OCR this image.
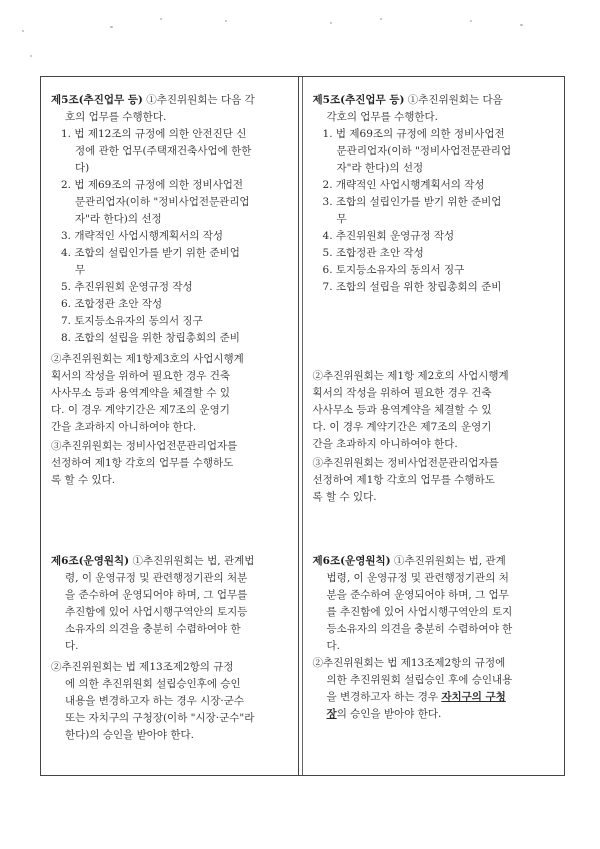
제5조(추진업무 등) ①추진위원회는 다음 각

호의 업무를 수행한다.

1. 법 제12조의 규정에 의한 안전진단 신

정에 관한 업무(주택재건축사업에 한한

다)

2. 법 제69조의 규정에 의한 정비사업전

문관리업자(이하 "정비사업전문관리업

자"라 한다)의 선정

3. 개략적인 사업시행계획서의 작성

4. 조합의 설립인가를 받기 위한 준비업

무

5. 추진위원회 운영규정 작성

6. 조합정관 초안 작성

7. 토지등소유자의 동의서 징구

8. 조합의 설립을 위한 창립총회의 준비

②추진위원회는 제1항제3호의 사업시행계

획서의 작성을 위하여 필요한 경우 건축

사사무소 등과 용역계약을 체결할 수 있

다. 이 경우 계약기간은 제7조의 운영기

간을 초과하지 아니하여야 한다.

③추진위원회는 정비사업전문관리업자를

선정하여 제1항 각호의 업무를 수행하도

록 할 수 있다.

제6조(운영원칙) ①추진위원회는 법, 관계법

령, 이 운영규정 및 관련행정기관의 처분

을 준수하여 운영되어야 하며, 그 업무를

추진함에 있어 사업시행구역안의 토지등

소유자의 의견을 충분히 수렴하여야 한

다.

②추진위원회는 법 제13조제2항의 규정

에 의한 추진위원회 설립승인후에 승인

내용을 변경하고자 하는 경우 시장·군수

또는 자치구의 구청장(이하 "시장·군수"라

한다)의 승인을 받아야 한다.

제5조(추진업무 등) ①추진위원회는 다음

각호의 업무를 수행한다.

1. 법 제69조의 규정에 의한 정비사업전

문관리업자(이하 "정비사업전문관리업

자"라 한다)의 선정

2. 개략적인 사업시행계획서의 작성

3. 조합의 설립인가를 받기 위한 준비업

무

4. 추진위원회 운영규정 작성

5. 조합정관 초안 작성

6. 토지등소유자의 동의서 징구

7. 조합의 설립을 위한 창립총회의 준비

②추진위원회는 제1항 제2호의 사업시행계

획서의 작성을 위하여 필요한 경우 건축

사사무소 등과 용역계약을 체결할 수 있

다. 이 경우 계약기간은 제7조의 운영기

간을 초과하지 아니하여야 한다.

③추진위원회는 정비사업전문관리업자를

선정하여 제1항 각호의 업무를 수행하도

록 할 수 있다.

제6조(운영원칙) ①추진위원회는 법, 관계

법령, 이 운영규정 및 관련행정기관의 처

분을 준수하여 운영되어야 하며, 그 업무

를 추진함에 있어 사업시행구역안의 토지

등소유자의 의견을 충분히 수렴하여야 한

다.

②추진위원회는 법 제13조제2항의 규정에

의한 추진위원회 설립승인 후에 승인내용

을 변경하고자 하는 경우 자치구의 구청

장의 승인을 받아야 한다.
